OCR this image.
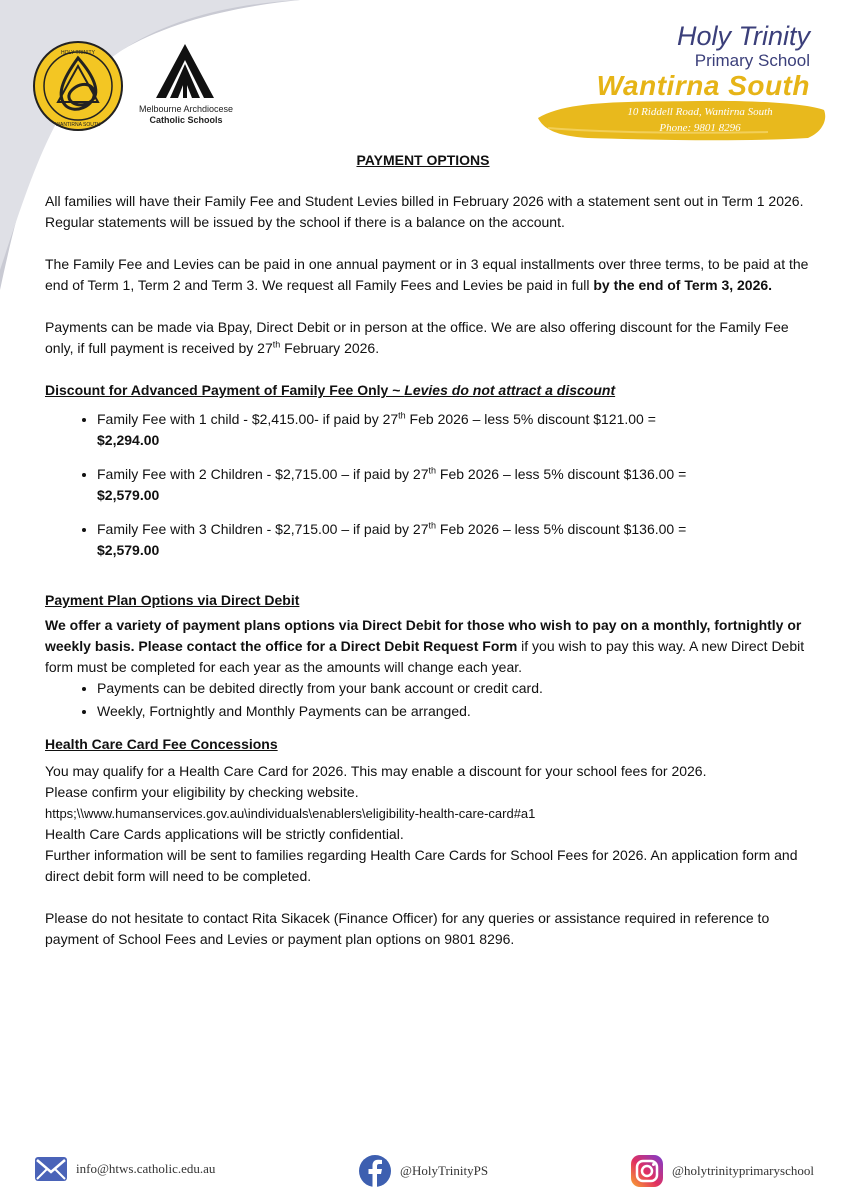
HOLY TRINITY
WANTIRNA SOUTH
Melbourne Archdiocese
Catholic Schools
Holy Trinity
Primary School
Wantirna South
10 Riddell Road, Wantirna South
Phone: 9801 8296
PAYMENT OPTIONS

All families will have their Family Fee and Student Levies billed in February 2026 with a statement sent out in Term 1 2026. Regular statements will be issued by the school if there is a balance on the account.

The Family Fee and Levies can be paid in one annual payment or in 3 equal installments over three terms, to be paid at the end of Term 1, Term 2 and Term 3. We request all Family Fees and Levies be paid in full by the end of Term 3, 2026.

Payments can be made via Bpay, Direct Debit or in person at the office. We are also offering discount for the Family Fee only, if full payment is received by 27th February 2026.

Discount for Advanced Payment of Family Fee Only ~ Levies do not attract a discount

• Family Fee with 1 child - $2,415.00- if paid by 27th Feb 2026 – less 5% discount $121.00 =
$2,294.00
• Family Fee with 2 Children - $2,715.00 – if paid by 27th Feb 2026 – less 5% discount $136.00 =
$2,579.00
• Family Fee with 3 Children - $2,715.00 – if paid by 27th Feb 2026 – less 5% discount $136.00 =
$2,579.00

Payment Plan Options via Direct Debit

We offer a variety of payment plans options via Direct Debit for those who wish to pay on a monthly, fortnightly or weekly basis. Please contact the office for a Direct Debit Request Form if you wish to pay this way. A new Direct Debit form must be completed for each year as the amounts will change each year.

• Payments can be debited directly from your bank account or credit card.
• Weekly, Fortnightly and Monthly Payments can be arranged.

Health Care Card Fee Concessions

You may qualify for a Health Care Card for 2026. This may enable a discount for your school fees for 2026.

Please confirm your eligibility by checking website.

https;\\www.humanservices.gov.au\individuals\enablers\eligibility-health-care-card#a1

Health Care Cards applications will be strictly confidential.

Further information will be sent to families regarding Health Care Cards for School Fees for 2026. An application form and direct debit form will need to be completed.

Please do not hesitate to contact Rita Sikacek (Finance Officer) for any queries or assistance required in reference to payment of School Fees and Levies or payment plan options on 9801 8296.

info@htws.catholic.edu.au	@HolyTrinityPS	@holytrinityprimaryschool
